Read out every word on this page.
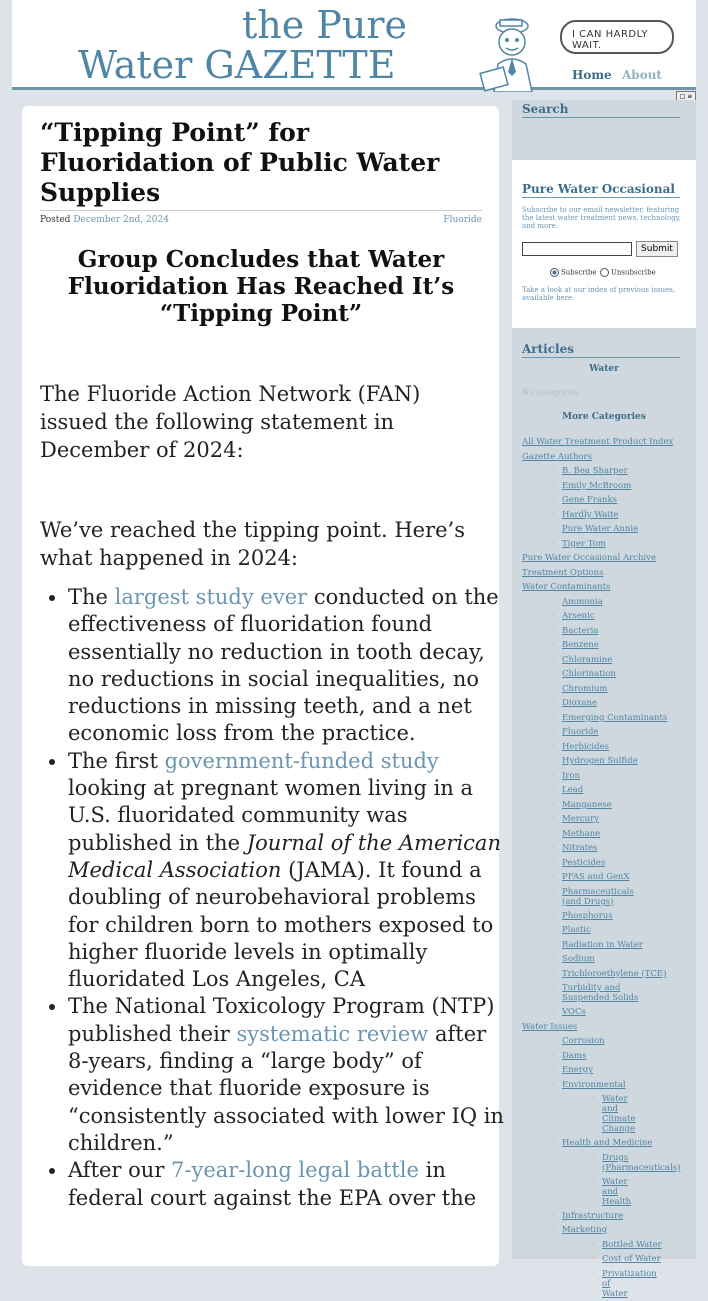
the Pure
Water GAZETTE
I CAN HARDLY WAIT.
Home About
□ ≡
“Tipping Point” for Fluoridation of Public Water Supplies
Posted December 2nd, 2024	Fluoride
Group Concludes that Water Fluoridation Has Reached It’s “Tipping Point”

The Fluoride Action Network (FAN) issued the following statement in December of 2024:

We’ve reached the tipping point. Here’s what happened in 2024:

• The largest study ever conducted on the effectiveness of fluoridation found essentially no reduction in tooth decay, no reductions in social inequalities, no reductions in missing teeth, and a net economic loss from the practice.
• The first government-funded study looking at pregnant women living in a U.S. fluoridated community was published in the Journal of the American Medical Association (JAMA). It found a doubling of neurobehavioral problems for children born to mothers exposed to higher fluoride levels in optimally fluoridated Los Angeles, CA
• The National Toxicology Program (NTP) published their systematic review after 8-years, finding a “large body” of evidence that fluoride exposure is “consistently associated with lower IQ in children.”
• After our 7-year-long legal battle in federal court against the EPA over the
Search
Pure Water Occasional
Subscribe to our email newsletter, featuring the latest water treatment news, technology, and more.
Submit
Subscribe	Unsubscribe
Take a look at our index of previous issues, available here.
Articles
Water
No categories
More Categories
All Water Treatment Product Index
Gazette Authors
◦ B. Bea Sharper
◦ Emily McBroom
◦ Gene Franks
◦ Hardly Waite
◦ Pure Water Annie
◦ Tiger Tom
Pure Water Occasional Archive
Treatment Options
Water Contaminants
◦ Ammonia
◦ Arsenic
◦ Bacteria
◦ Benzene
◦ Chloramine
◦ Chlorination
◦ Chromium
◦ Dioxane
◦ Emerging Contaminants
◦ Fluoride
◦ Herbicides
◦ Hydrogen Sulfide
◦ Iron
◦ Lead
◦ Manganese
◦ Mercury
◦ Methane
◦ Nitrates
◦ Pesticides
◦ PFAS and GenX
◦ Pharmaceuticals (and Drugs)
◦ Phosphorus
◦ Plastic
◦ Radiation in Water
◦ Sodium
◦ Trichloroethylene (TCE)
◦ Turbidity and Suspended Solids
◦ VOCs
Water Issues
◦ Corrosion
◦ Dams
◦ Energy
◦ Environmental
◦ Water and Climate Change
◦ Health and Medicine
◦ Drugs (Pharmaceuticals)
◦ Water and Health
◦ Infrastructure
◦ Marketing
◦ Bottled Water
◦ Cost of Water
◦ Privatization of Water
